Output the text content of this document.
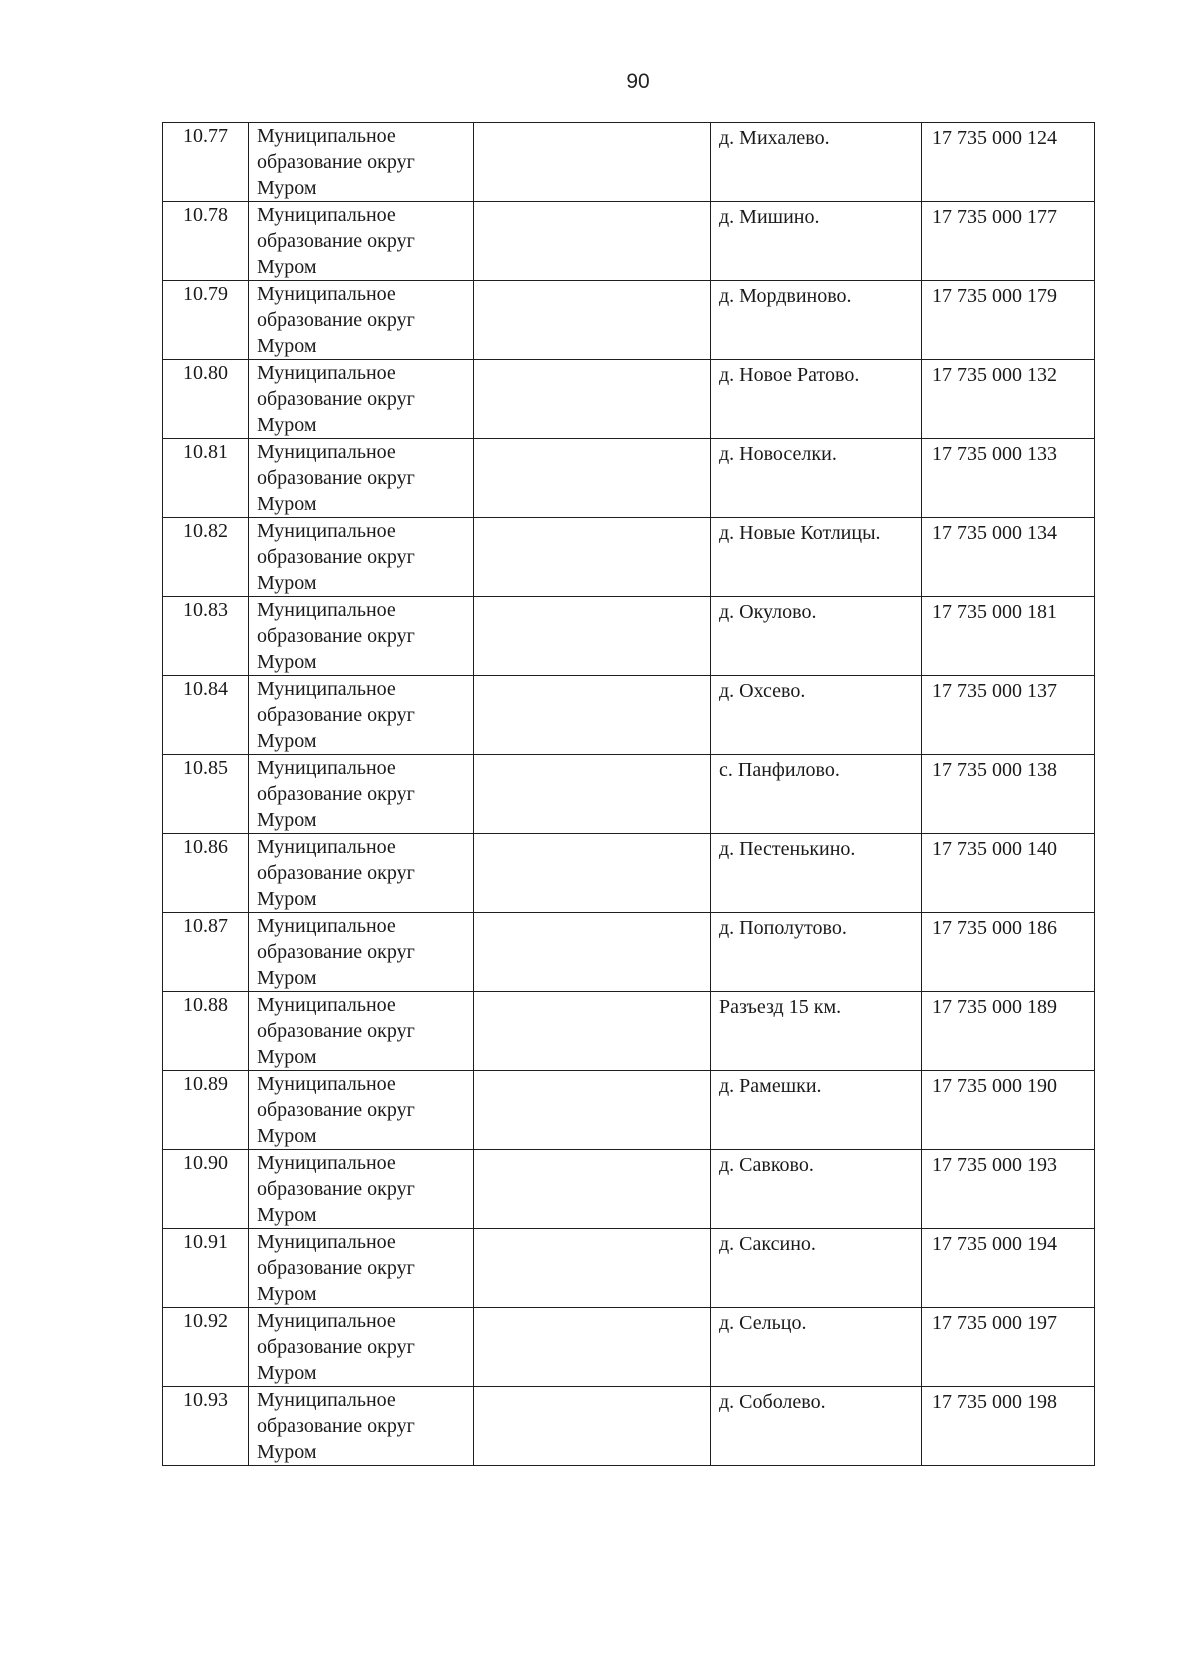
90
10.77	Муниципальное образование округ Муром		д. Михалево.	17 735 000 124
10.78	Муниципальное образование округ Муром		д. Мишино.	17 735 000 177
10.79	Муниципальное образование округ Муром		д. Мордвиново.	17 735 000 179
10.80	Муниципальное образование округ Муром		д. Новое Ратово.	17 735 000 132
10.81	Муниципальное образование округ Муром		д. Новоселки.	17 735 000 133
10.82	Муниципальное образование округ Муром		д. Новые Котлицы.	17 735 000 134
10.83	Муниципальное образование округ Муром		д. Окулово.	17 735 000 181
10.84	Муниципальное образование округ Муром		д. Охсево.	17 735 000 137
10.85	Муниципальное образование округ Муром		с. Панфилово.	17 735 000 138
10.86	Муниципальное образование округ Муром		д. Пестенькино.	17 735 000 140
10.87	Муниципальное образование округ Муром		д. Пополутово.	17 735 000 186
10.88	Муниципальное образование округ Муром		Разъезд 15 км.	17 735 000 189
10.89	Муниципальное образование округ Муром		д. Рамешки.	17 735 000 190
10.90	Муниципальное образование округ Муром		д. Савково.	17 735 000 193
10.91	Муниципальное образование округ Муром		д. Саксино.	17 735 000 194
10.92	Муниципальное образование округ Муром		д. Сельцо.	17 735 000 197
10.93	Муниципальное образование округ Муром		д. Соболево.	17 735 000 198
